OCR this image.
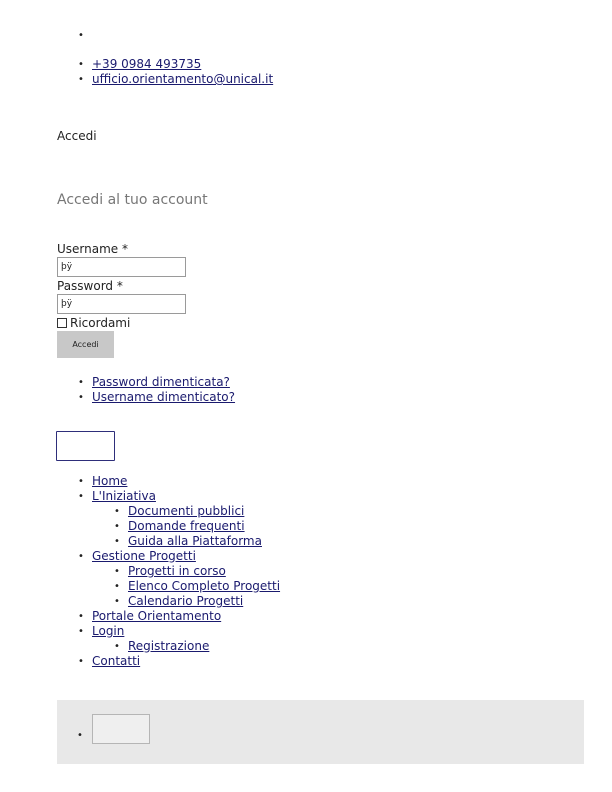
•
• +39 0984 493735
• ufficio.orientamento@unical.it
Accedi
Accedi al tuo account
Username *
þÿ
Password *
þÿ
Ricordami
Accedi
• Password dimenticata?
• Username dimenticato?
• Home
• L'Iniziativa
• Documenti pubblici
• Domande frequenti
• Guida alla Piattaforma
• Gestione Progetti
• Progetti in corso
• Elenco Completo Progetti
• Calendario Progetti
• Portale Orientamento
• Login
• Registrazione
• Contatti
•
